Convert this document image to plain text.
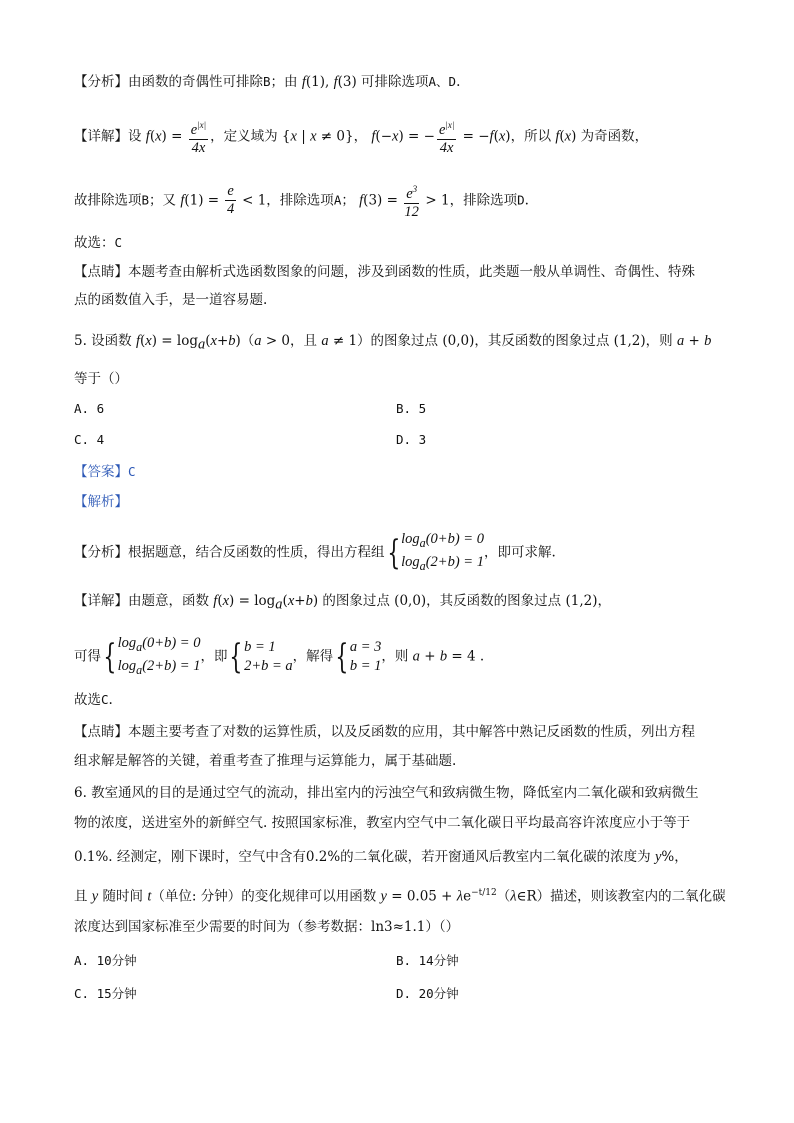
【分析】由函数的奇偶性可排除B；由 f(1), f(3) 可排除选项A、D.
【详解】设 $f(x) = \frac{e^{|x|}}{4x}$ ，定义域为 {x | x ≠ 0}， f(−x) = − $\frac{e^{|x|}}{4x} = -f(x)$，所以 f(x) 为奇函数，
故排除选项B；又 $f(1) = \frac{e}{4} < 1$，排除选项A； $f(3) = \frac{e^3}{12} > 1$，排除选项D.
故选：C
【点睛】本题考查由解析式选函数图象的问题，涉及到函数的性质，此类题一般从单调性、奇偶性、特殊
点的函数值入手，是一道容易题.
5. 设函数 $f(x) = \log_a(x+b)(a > 0$，且 a ≠ 1）的图象过点 (0,0)，其反函数的图象过点 (1,2)，则 a + b
等于（）
A. 6	B. 5
C. 4	D. 3
【答案】C
【解析】
【分析】根据题意，结合反函数的性质，得出方程组{ $\log_a(0+b) = 0$
$\log_a(2+b) = 1$
，即可求解.
【详解】由题意，函数 $f(x) = \log_a(x+b)$ 的图象过点 (0,0)，其反函数的图象过点 (1,2)，
可得{ $\log_a(0+b) = 0$
$\log_a(2+b) = 1$
，即{ b = 1
2+b = a
，解得{ a = 3
b = 1
，则 a + b = 4 .
故选C.
【点睛】本题主要考查了对数的运算性质，以及反函数的应用，其中解答中熟记反函数的性质，列出方程
组求解是解答的关键，着重考查了推理与运算能力，属于基础题.
6. 教室通风的目的是通过空气的流动，排出室内的污浊空气和致病微生物，降低室内二氧化碳和致病微生
物的浓度，送进室外的新鲜空气. 按照国家标准，教室内空气中二氧化碳日平均最高容许浓度应小于等于
0.1%. 经测定，刚下课时，空气中含有0.2%的二氧化碳，若开窗通风后教室内二氧化碳的浓度为 y%，
且 y 随时间 t（单位: 分钟）的变化规律可以用函数 $y = 0.05 + \lambda e^{-t/12}(\lambda\in R)$描述，则该教室内的二氧化碳
浓度达到国家标准至少需要的时间为（参考数据：ln3≈1.1）（）
A. 10分钟	B. 14分钟
C. 15分钟	D. 20分钟
